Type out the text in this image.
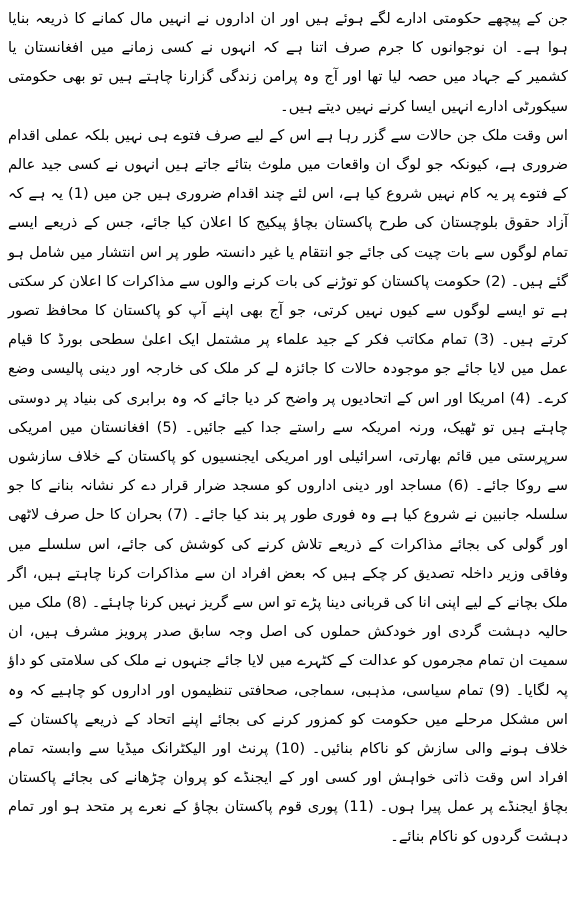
جن کے پیچھے حکومتی ادارے لگے ہوئے ہیں اور ان اداروں نے انہیں مال کمانے کا ذریعہ بنایا ہوا ہے۔ ان نوجوانوں کا جرم صرف اتنا ہے کہ انہوں نے کسی زمانے میں افغانستان یا کشمیر کے جہاد میں حصہ لیا تھا اور آج وہ پرامن زندگی گزارنا چاہتے ہیں تو بھی حکومتی سیکورٹی ادارے انہیں ایسا کرنے نہیں دیتے ہیں۔

اس وقت ملک جن حالات سے گزر رہا ہے اس کے لیے صرف فتوے ہی نہیں بلکہ عملی اقدام ضروری ہے، کیونکہ جو لوگ ان واقعات میں ملوث بتائے جاتے ہیں انہوں نے کسی جید عالم کے فتوے پر یہ کام نہیں شروع کیا ہے، اس لئے چند اقدام ضروری ہیں جن میں (1) یہ ہے کہ آزاد حقوق بلوچستان کی طرح پاکستان بچاؤ پیکیج کا اعلان کیا جائے، جس کے ذریعے ایسے تمام لوگوں سے بات چیت کی جائے جو انتقام یا غیر دانستہ طور پر اس انتشار میں شامل ہو گئے ہیں۔ (2) حکومت پاکستان کو توڑنے کی بات کرنے والوں سے مذاکرات کا اعلان کر سکتی ہے تو ایسے لوگوں سے کیوں نہیں کرتی، جو آج بھی اپنے آپ کو پاکستان کا محافظ تصور کرتے ہیں۔ (3) تمام مکاتب فکر کے جید علماء پر مشتمل ایک اعلیٰ سطحی بورڈ کا قیام عمل میں لایا جائے جو موجودہ حالات کا جائزہ لے کر ملک کی خارجہ اور دینی پالیسی وضع کرے۔ (4) امریکا اور اس کے اتحادیوں پر واضح کر دیا جائے کہ وہ برابری کی بنیاد پر دوستی چاہتے ہیں تو ٹھیک، ورنہ امریکہ سے راستے جدا کیے جائیں۔ (5) افغانستان میں امریکی سرپرستی میں قائم بھارتی، اسرائیلی اور امریکی ایجنسیوں کو پاکستان کے خلاف سازشوں سے روکا جائے۔ (6) مساجد اور دینی اداروں کو مسجد ضرار قرار دے کر نشانہ بنانے کا جو سلسلہ جانبین نے شروع کیا ہے وہ فوری طور پر بند کیا جائے۔ (7) بحران کا حل صرف لاٹھی اور گولی کی بجائے مذاکرات کے ذریعے تلاش کرنے کی کوشش کی جائے، اس سلسلے میں وفاقی وزیر داخلہ تصدیق کر چکے ہیں کہ بعض افراد ان سے مذاکرات کرنا چاہتے ہیں، اگر ملک بچانے کے لیے اپنی انا کی قربانی دینا پڑے تو اس سے گریز نہیں کرنا چاہئے۔ (8) ملک میں حالیہ دہشت گردی اور خودکش حملوں کی اصل وجہ سابق صدر پرویز مشرف ہیں، ان سمیت ان تمام مجرموں کو عدالت کے کٹہرے میں لایا جائے جنہوں نے ملک کی سلامتی کو داؤ پہ لگایا۔ (9) تمام سیاسی، مذہبی، سماجی، صحافتی تنظیموں اور اداروں کو چاہیے کہ وہ اس مشکل مرحلے میں حکومت کو کمزور کرنے کی بجائے اپنے اتحاد کے ذریعے پاکستان کے خلاف ہونے والی سازش کو ناکام بنائیں۔ (10) پرنٹ اور الیکٹرانک میڈیا سے وابستہ تمام افراد اس وقت ذاتی خواہش اور کسی اور کے ایجنڈے کو پروان چڑھانے کی بجائے پاکستان بچاؤ ایجنڈے پر عمل پیرا ہوں۔ (11) پوری قوم پاکستان بچاؤ کے نعرے پر متحد ہو اور تمام دہشت گردوں کو ناکام بنائے۔
